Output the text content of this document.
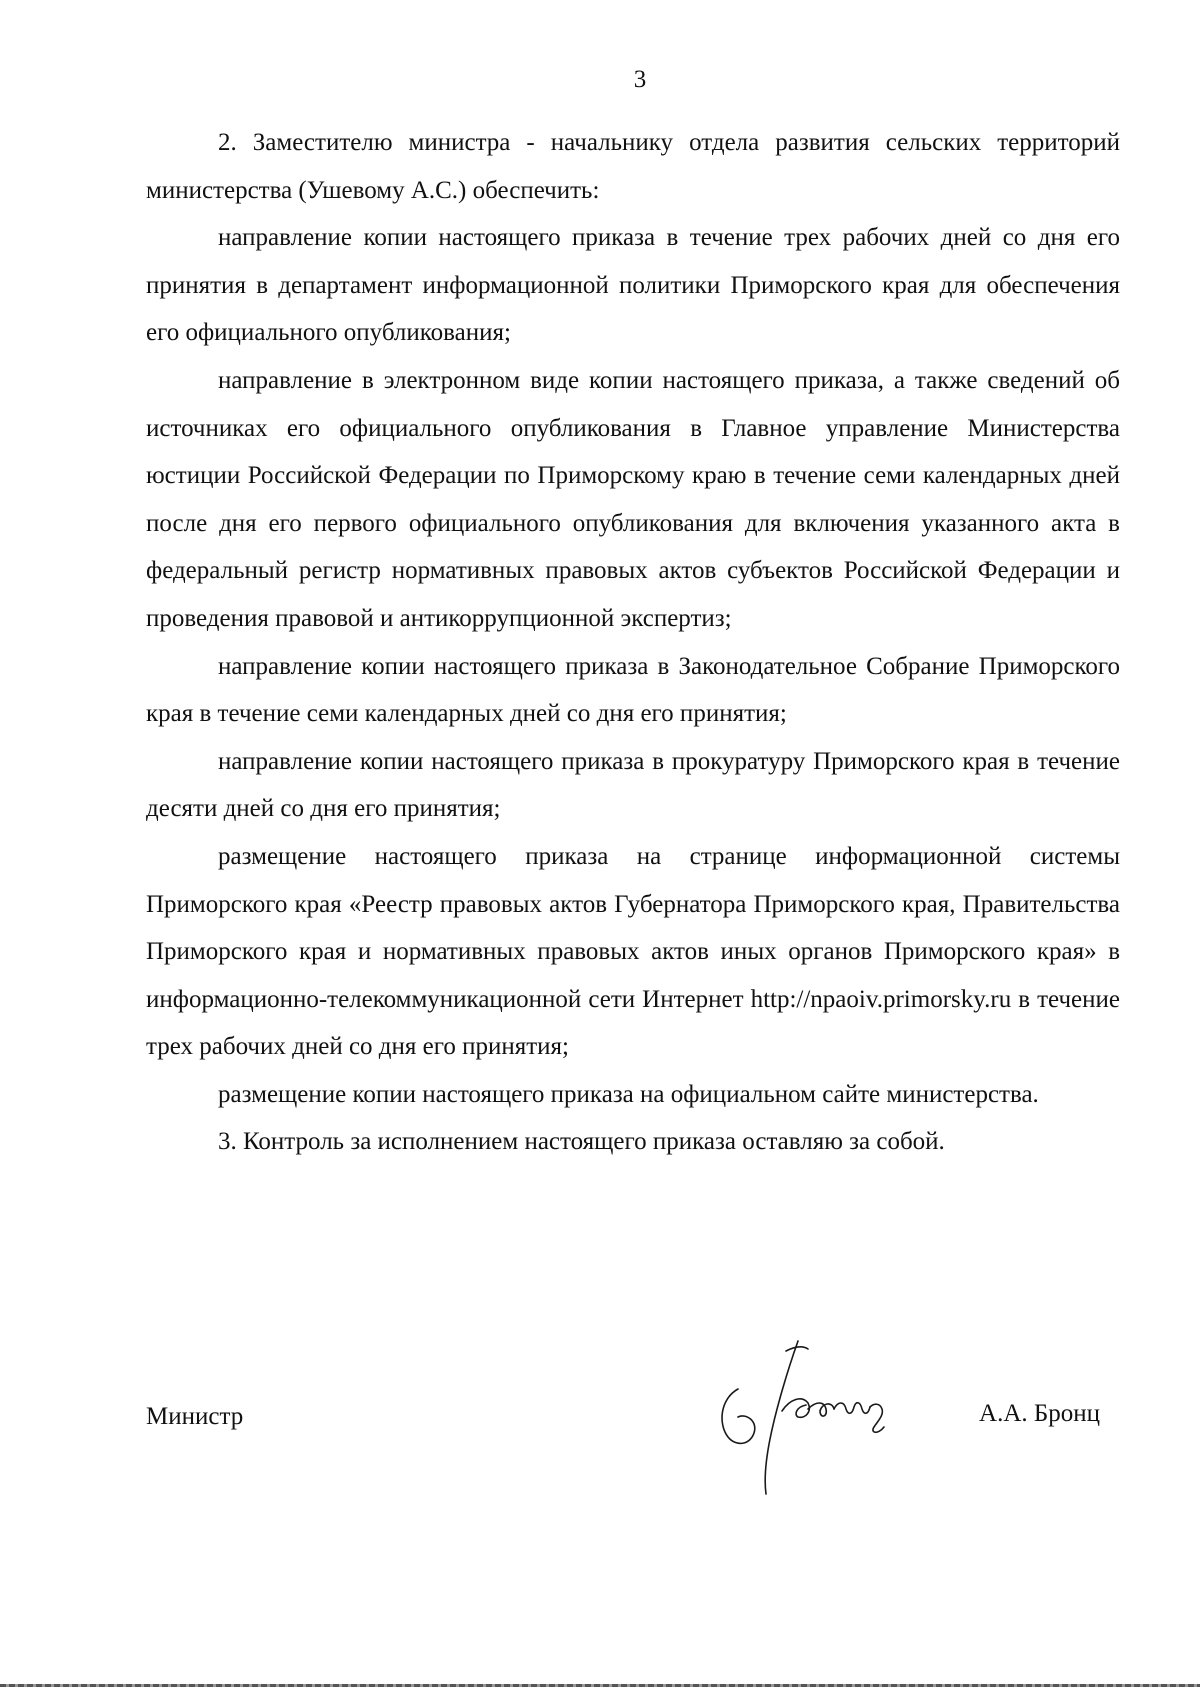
3

2. Заместителю министра - начальнику отдела развития сельских территорий министерства (Ушевому А.С.) обеспечить:

направление копии настоящего приказа в течение трех рабочих дней со дня его принятия в департамент информационной политики Приморского края для обеспечения его официального опубликования;

направление в электронном виде копии настоящего приказа, а также сведений об источниках его официального опубликования в Главное управление Министерства юстиции Российской Федерации по Приморскому краю в течение семи календарных дней после дня его первого официального опубликования для включения указанного акта в федеральный регистр нормативных правовых актов субъектов Российской Федерации и проведения правовой и антикоррупционной экспертиз;

направление копии настоящего приказа в Законодательное Собрание Приморского края в течение семи календарных дней со дня его принятия;

направление копии настоящего приказа в прокуратуру Приморского края в течение десяти дней со дня его принятия;

размещение настоящего приказа на странице информационной системы Приморского края «Реестр правовых актов Губернатора Приморского края, Правительства Приморского края и нормативных правовых актов иных органов Приморского края» в информационно-телекоммуникационной сети Интернет http://npaoiv.primorsky.ru в течение трех рабочих дней со дня его принятия;

размещение копии настоящего приказа на официальном сайте министерства.

3. Контроль за исполнением настоящего приказа оставляю за собой.

Министр	А.А. Бронц
